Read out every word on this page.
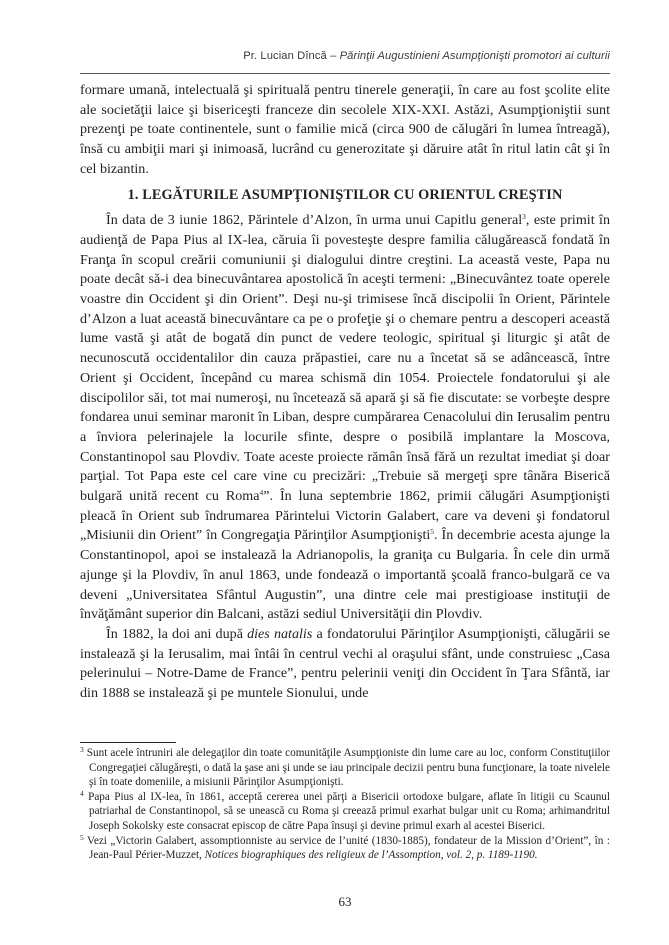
Pr. Lucian Dîncă – Părinţii Augustinieni Asumpţionişti promotori ai culturii

formare umană, intelectuală şi spirituală pentru tinerele generaţii, în care au fost şcolite elite ale societăţii laice şi bisericeşti franceze din secolele XIX-XXI. Astăzi, Asumpţioniştii sunt prezenţi pe toate continentele, sunt o familie mică (circa 900 de călugări în lumea întreagă), însă cu ambiţii mari şi inimoasă, lucrând cu generozitate şi dăruire atât în ritul latin cât şi în cel bizantin.

1. LEGĂTURILE ASUMPŢIONIŞTILOR CU ORIENTUL CREŞTIN

În data de 3 iunie 1862, Părintele d’Alzon, în urma unui Capitlu general$^3$, este primit în audienţă de Papa Pius al IX-lea, căruia îi povesteşte despre familia călugărească fondată în Franţa în scopul creării comuniunii şi dialogului dintre creştini. La această veste, Papa nu poate decât să-i dea binecuvântarea apostolică în aceşti termeni: „Binecuvântez toate operele voastre din Occident şi din Orient”. Deşi nu-şi trimisese încă discipolii în Orient, Părintele d’Alzon a luat această binecuvântare ca pe o profeţie şi o chemare pentru a descoperi această lume vastă şi atât de bogată din punct de vedere teologic, spiritual şi liturgic şi atât de necunoscută occidentalilor din cauza prăpastiei, care nu a încetat să se adâncească, între Orient şi Occident, începând cu marea schismă din 1054. Proiectele fondatorului şi ale discipolilor săi, tot mai numeroşi, nu încetează să apară şi să fie discutate: se vorbeşte despre fondarea unui seminar maronit în Liban, despre cumpărarea Cenacolului din Ierusalim pentru a înviora pelerinajele la locurile sfinte, despre o posibilă implantare la Moscova, Constantinopol sau Plovdiv. Toate aceste proiecte rămân însă fără un rezultat imediat şi doar parţial. Tot Papa este cel care vine cu precizări: „Trebuie să mergeţi spre tânăra Biserică bulgară unită recent cu Roma$^4$”. În luna septembrie 1862, primii călugări Asumpţionişti pleacă în Orient sub îndrumarea Părintelui Victorin Galabert, care va deveni şi fondatorul „Misiunii din Orient” în Congregaţia Părinţilor Asumpţionişti$^5$. În decembrie acesta ajunge la Constantinopol, apoi se instalează la Adrianopolis, la graniţa cu Bulgaria. În cele din urmă ajunge şi la Plovdiv, în anul 1863, unde fondează o importantă şcoală franco-bulgară ce va deveni „Universitatea Sfântul Augustin”, una dintre cele mai prestigioase instituţii de învăţământ superior din Balcani, astăzi sediul Universităţii din Plovdiv.

În 1882, la doi ani după dies natalis a fondatorului Părinţilor Asumpţionişti, călugării se instalează şi la Ierusalim, mai întâi în centrul vechi al oraşului sfânt, unde construiesc „Casa pelerinului – Notre-Dame de France”, pentru pelerinii veniţi din Occident în Ţara Sfântă, iar din 1888 se instalează şi pe muntele Sionului, unde

$^3$ Sunt acele întruniri ale delegaţilor din toate comunităţile Asumpţioniste din lume care au loc, conform Constituţiilor Congregaţiei călugăreşti, o dată la şase ani şi unde se iau principale decizii pentru buna funcţionare, la toate nivelele şi în toate domeniile, a misiunii Părinţilor Asumpţionişti.

$^4$ Papa Pius al IX-lea, în 1861, acceptă cererea unei părţi a Bisericii ortodoxe bulgare, aflate în litigii cu Scaunul patriarhal de Constantinopol, să se unească cu Roma şi creează primul exarhat bulgar unit cu Roma; arhimandritul Joseph Sokolsky este consacrat episcop de către Papa însuşi şi devine primul exarh al acestei Biserici.

$^5$ Vezi „Victorin Galabert, assomptionniste au service de l’unité (1830-1885), fondateur de la Mission d’Orient”, în : Jean-Paul Périer-Muzzet, Notices biographiques des religieux de l’Assomption, vol. 2, p. 1189-1190.

63
